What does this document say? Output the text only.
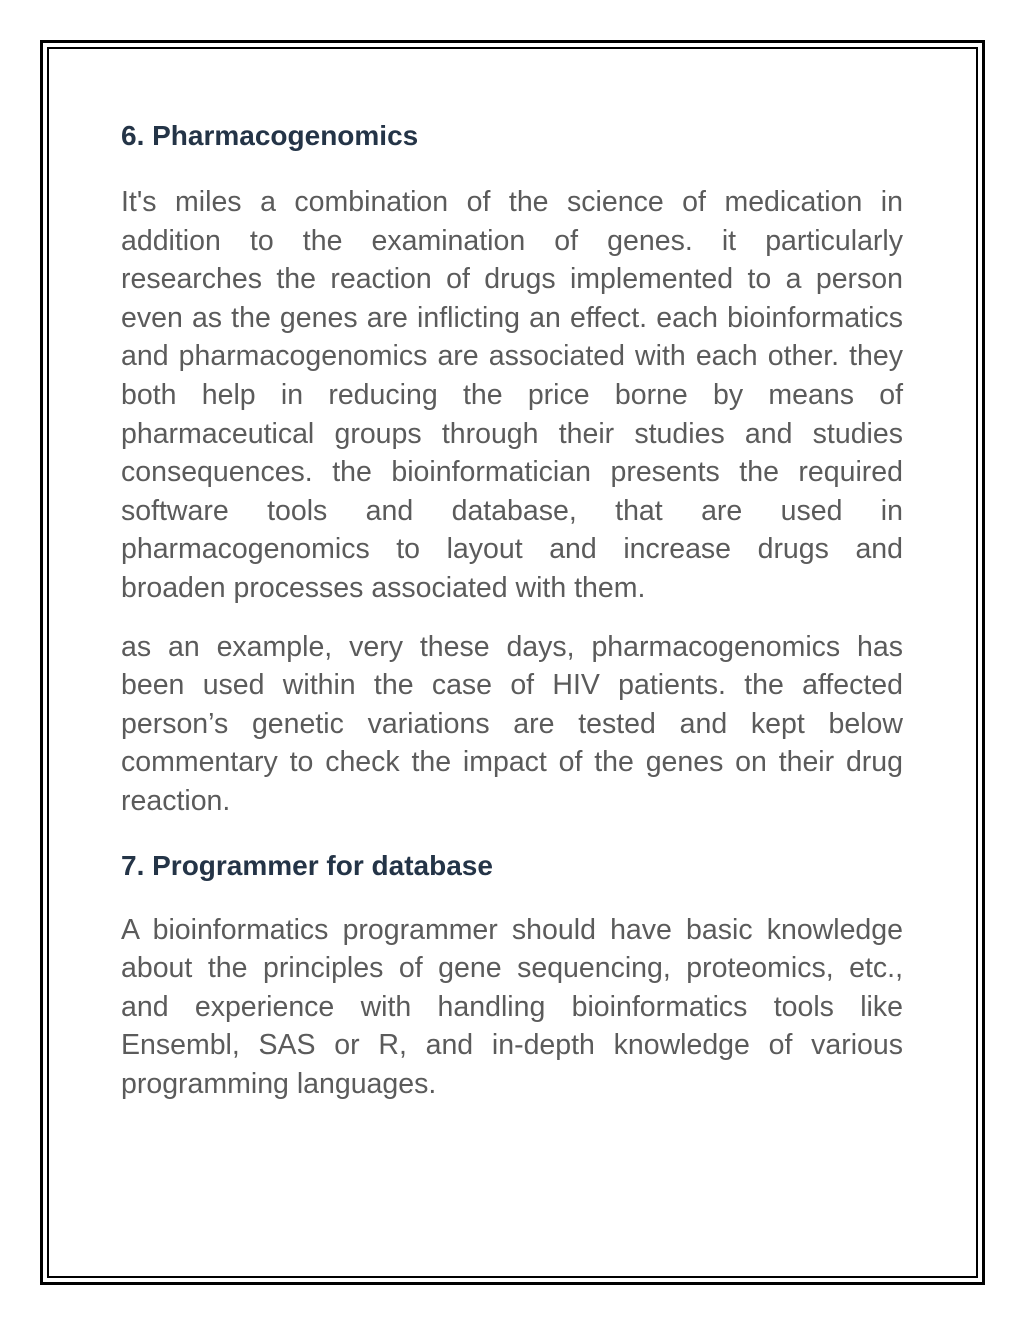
6. Pharmacogenomics

It's miles a combination of the science of medication in addition to the examination of genes. it particularly researches the reaction of drugs implemented to a person even as the genes are inflicting an effect. each bioinformatics and pharmacogenomics are associated with each other. they both help in reducing the price borne by means of pharmaceutical groups through their studies and studies consequences. the bioinformatician presents the required software tools and database, that are used in pharmacogenomics to layout and increase drugs and broaden processes associated with them.

as an example, very these days, pharmacogenomics has been used within the case of HIV patients. the affected person’s genetic variations are tested and kept below commentary to check the impact of the genes on their drug reaction.

7. Programmer for database

A bioinformatics programmer should have basic knowledge about the principles of gene sequencing, proteomics, etc., and experience with handling bioinformatics tools like Ensembl, SAS or R, and in-depth knowledge of various programming languages.
